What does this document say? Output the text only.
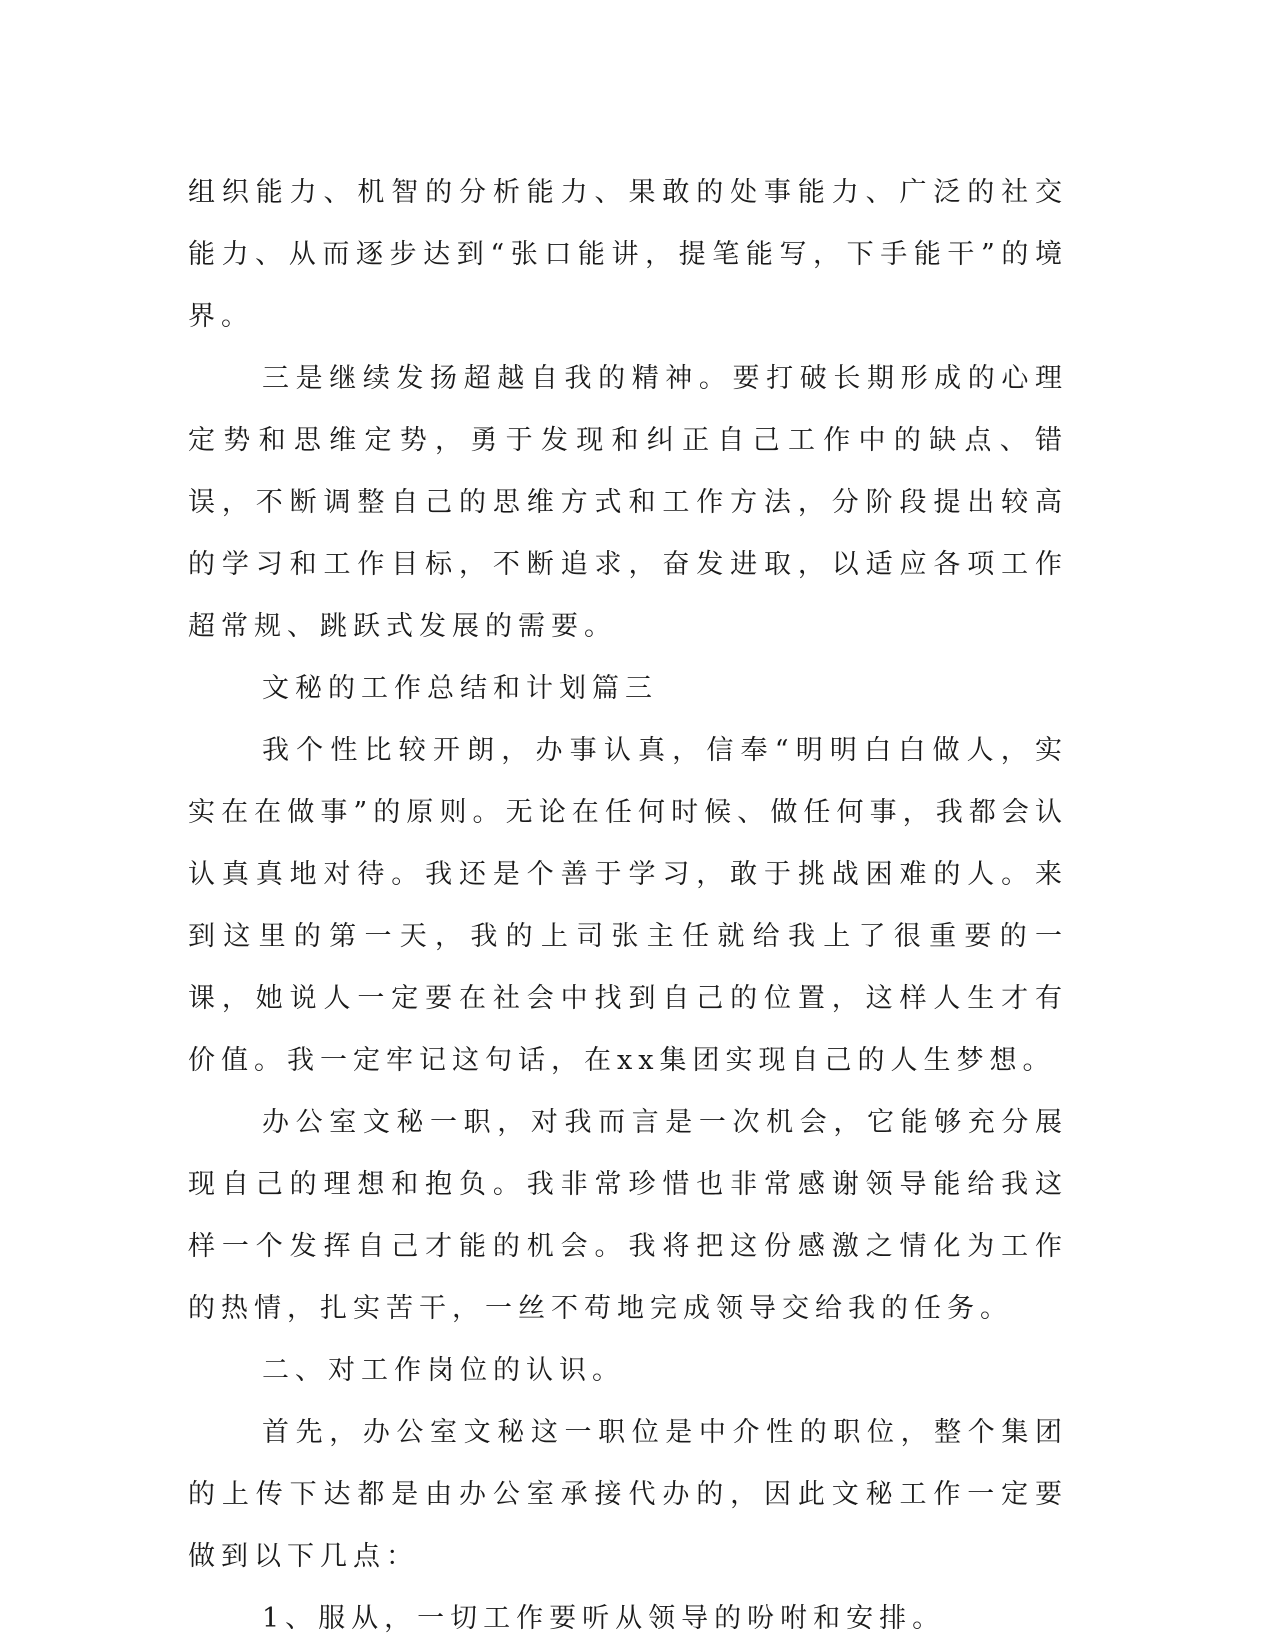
组织能力、机智的分析能力、果敢的处事能力、广泛的社交能力、从而逐步达到“张口能讲，提笔能写，下手能干”的境界。

三是继续发扬超越自我的精神。要打破长期形成的心理定势和思维定势，勇于发现和纠正自己工作中的缺点、错误，不断调整自己的思维方式和工作方法，分阶段提出较高的学习和工作目标，不断追求，奋发进取，以适应各项工作超常规、跳跃式发展的需要。

文秘的工作总结和计划篇三

我个性比较开朗，办事认真，信奉“明明白白做人，实实在在做事”的原则。无论在任何时候、做任何事，我都会认认真真地对待。我还是个善于学习，敢于挑战困难的人。来到这里的第一天，我的上司张主任就给我上了很重要的一课，她说人一定要在社会中找到自己的位置，这样人生才有价值。我一定牢记这句话，在xx集团实现自己的人生梦想。

办公室文秘一职，对我而言是一次机会，它能够充分展现自己的理想和抱负。我非常珍惜也非常感谢领导能给我这样一个发挥自己才能的机会。我将把这份感激之情化为工作的热情，扎实苦干，一丝不苟地完成领导交给我的任务。

二、对工作岗位的认识。

首先，办公室文秘这一职位是中介性的职位，整个集团的上传下达都是由办公室承接代办的，因此文秘工作一定要做到以下几点：

1、服从，一切工作要听从领导的吩咐和安排。
